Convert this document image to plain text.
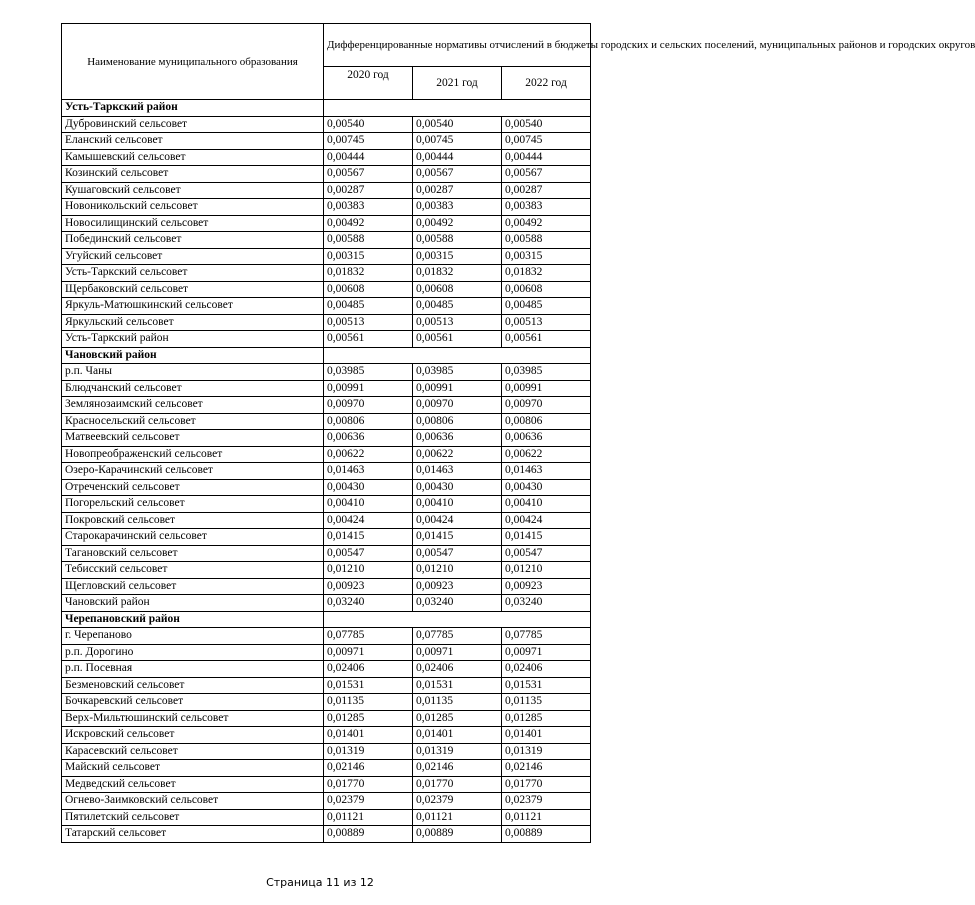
Наименование муниципального образования	Дифференцированные нормативы отчислений в бюджеты городских и сельских поселений, муниципальных районов и городских округов		
	2020 год	2021 год	2022 год
Усть-Таркский район			
Дубровинский сельсовет	0,00540	0,00540	0,00540
Еланский сельсовет	0,00745	0,00745	0,00745
Камышевский сельсовет	0,00444	0,00444	0,00444
Козинский сельсовет	0,00567	0,00567	0,00567
Кушаговский сельсовет	0,00287	0,00287	0,00287
Новоникольский сельсовет	0,00383	0,00383	0,00383
Новосилищинский сельсовет	0,00492	0,00492	0,00492
Побединский сельсовет	0,00588	0,00588	0,00588
Угуйский сельсовет	0,00315	0,00315	0,00315
Усть-Таркский сельсовет	0,01832	0,01832	0,01832
Щербаковский сельсовет	0,00608	0,00608	0,00608
Яркуль-Матюшкинский сельсовет	0,00485	0,00485	0,00485
Яркульский сельсовет	0,00513	0,00513	0,00513
Усть-Таркский район	0,00561	0,00561	0,00561
Чановский район			
р.п. Чаны	0,03985	0,03985	0,03985
Блюдчанский сельсовет	0,00991	0,00991	0,00991
Землянозаимский сельсовет	0,00970	0,00970	0,00970
Красносельский сельсовет	0,00806	0,00806	0,00806
Матвеевский сельсовет	0,00636	0,00636	0,00636
Новопреображенский сельсовет	0,00622	0,00622	0,00622
Озеро-Карачинский сельсовет	0,01463	0,01463	0,01463
Отреченский сельсовет	0,00430	0,00430	0,00430
Погорельский сельсовет	0,00410	0,00410	0,00410
Покровский сельсовет	0,00424	0,00424	0,00424
Старокарачинский сельсовет	0,01415	0,01415	0,01415
Тагановский сельсовет	0,00547	0,00547	0,00547
Тебисский сельсовет	0,01210	0,01210	0,01210
Щегловский сельсовет	0,00923	0,00923	0,00923
Чановский район	0,03240	0,03240	0,03240
Черепановский район			
г. Черепаново	0,07785	0,07785	0,07785
р.п. Дорогино	0,00971	0,00971	0,00971
р.п. Посевная	0,02406	0,02406	0,02406
Безменовский сельсовет	0,01531	0,01531	0,01531
Бочкаревский сельсовет	0,01135	0,01135	0,01135
Верх-Мильтюшинский сельсовет	0,01285	0,01285	0,01285
Искровский сельсовет	0,01401	0,01401	0,01401
Карасевский сельсовет	0,01319	0,01319	0,01319
Майский сельсовет	0,02146	0,02146	0,02146
Медведский сельсовет	0,01770	0,01770	0,01770
Огнево-Заимковский сельсовет	0,02379	0,02379	0,02379
Пятилетский сельсовет	0,01121	0,01121	0,01121
Татарский сельсовет	0,00889	0,00889	0,00889
Страница 11 из 12
